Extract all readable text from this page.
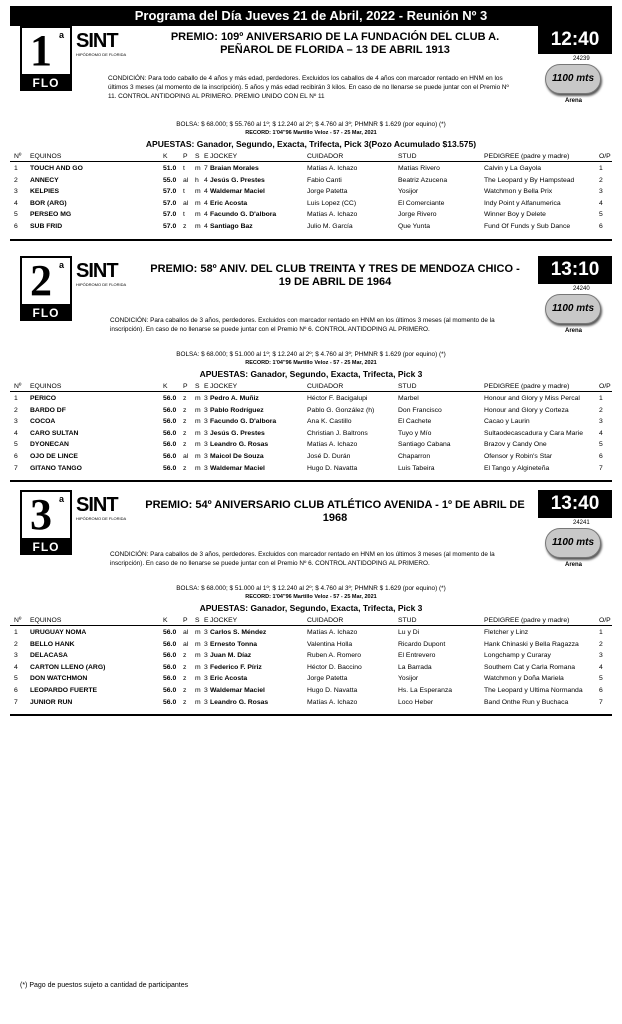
Programa del Día Jueves 21 de Abril, 2022 - Reunión Nº 3
1 a
FLO
SINT
HIPÓDROMO DE FLORIDA
PREMIO: 109º ANIVERSARIO DE LA FUNDACIÓN DEL CLUB A. PEÑAROL DE FLORIDA – 13 DE ABRIL 1913	12:40
24239
1100 mts
Arena
CONDICIÓN: Para todo caballo de 4 años y más edad, perdedores. Excluidos los caballos de 4 años con marcador rentado en HNM en los últimos 3 meses (al momento de la inscripción). 5 años y más edad recibirán 3 kilos. En caso de no llenarse se puede juntar con el Premio Nº 11. CONTROL ANTIDOPING AL PRIMERO. PREMIO UNIDO CON EL Nº 11
BOLSA: $ 68.000; $ 55.760 al 1º; $ 12.240 al 2º; $ 4.760 al 3º; PHMNR $ 1.629 (por equino) (*)
RECORD: 1'04"96 Martillo Veloz - 57 - 25 Mar, 2021
APUESTAS: Ganador, Segundo, Exacta, Trifecta, Pick 3(Pozo Acumulado $13.575)
Nº EQUINOS	K P S E JOCKEY	CUIDADOR	STUD	PEDIGREE (padre y madre)	O/P
1 TOUCH AND GO	51.0 t m 7 Braian Morales	Matías A. Ichazo	Matías Rivero	Calvin y La Gayola	1
2 ANNECY	55.0 al h 4 Jesús G. Prestes	Fabio Canti	Beatriz Azucena	The Leopard y By Hampstead	2
3 KELPIES	57.0 t m 4 Waldemar Maciel	Jorge Patetta	Yosijor	Watchmon y Bella Prix	3
4 BOR (ARG)	57.0 al m 4 Eric Acosta	Luis Lopez (CC)	El Comerciante	Indy Point y Alfanumerica	4
5 PERSEO MG	57.0 t m 4 Facundo G. D'albora	Matías A. Ichazo	Jorge Rivero	Winner Boy y Delete	5
6 SUB FRID	57.0 z m 4 Santiago Baz	Julio M. García	Que Yunta	Fund Of Funds y Sub Dance	6
2 a
FLO
SINT
HIPÓDROMO DE FLORIDA
PREMIO: 58º ANIV. DEL CLUB TREINTA Y TRES DE MENDOZA CHICO - 19 DE ABRIL DE 1964
13:10
24240
1100 mts
Arena
CONDICIÓN: Para caballos de 3 años, perdedores. Excluidos con marcador rentado en HNM en los últimos 3 meses (al momento de la inscripción). En caso de no llenarse se puede juntar con el Premio Nº 6. CONTROL ANTIDOPING AL PRIMERO.
BOLSA: $ 68.000; $ 51.000 al 1º; $ 12.240 al 2º; $ 4.760 al 3º; PHMNR $ 1.629 (por equino) (*)
RECORD: 1'04"96 Martillo Veloz - 57 - 25 Mar, 2021
APUESTAS: Ganador, Segundo, Exacta, Trifecta, Pick 3
Nº EQUINOS	K P S E JOCKEY	CUIDADOR	STUD	PEDIGREE (padre y madre)	O/P
1 PERICO	56.0 z m 3 Pedro A. Muñiz	Héctor F. Bacigalupi	Marbel	Honour and Glory y Miss Percal	1
2 BARDO DF	56.0 z m 3 Pablo Rodríguez	Pablo G. González (h)	Don Francisco	Honour and Glory y Corteza	2
3 COCOA	56.0 z m 3 Facundo G. D'albora	Ana K. Castillo	El Cachete	Cacao y Laurin	3
4 CARO SULTAN	56.0 z m 3 Jesús G. Prestes	Christian J. Baltrons	Tuyo y Mío	Sultaodecascadura y Cara Marie 4
5 DYONECAN	56.0 z m 3 Leandro G. Rosas	Matías A. Ichazo	Santiago Cabana	Brazov y Candy One	5
6 OJO DE LINCE	56.0 al m 3 Maicol De Souza	José D. Durán	Chaparron	Ofensor y Robin's Star	6
7 GITANO TANGO	56.0 z m 3 Waldemar Maciel	Hugo D. Navatta	Luis Tabeira	El Tango y Algineteña	7
3 a
FLO
SINT
HIPÓDROMO DE FLORIDA
PREMIO: 54º ANIVERSARIO CLUB ATLÉTICO AVENIDA - 1º DE ABRIL DE 1968
13:40
24241
1100 mts
Arena
CONDICIÓN: Para caballos de 3 años, perdedores. Excluidos con marcador rentado en HNM en los últimos 3 meses (al momento de la inscripción). En caso de no llenarse se puede juntar con el Premio Nº 6. CONTROL ANTIDOPING AL PRIMERO.
BOLSA: $ 68.000; $ 51.000 al 1º; $ 12.240 al 2º; $ 4.760 al 3º; PHMNR $ 1.629 (por equino) (*)
RECORD: 1'04"96 Martillo Veloz - 57 - 25 Mar, 2021
APUESTAS: Ganador, Segundo, Exacta, Trifecta, Pick 3
Nº EQUINOS	K P S E JOCKEY	CUIDADOR	STUD	PEDIGREE (padre y madre)	O/P
1 URUGUAY NOMA	56.0 al m 3 Carlos S. Méndez	Matías A. Ichazo	Lu y Di	Fletcher y Linz	1
2 BELLO HANK	56.0 al m 3 Ernesto Tonna	Valentina Holla	Ricardo Dupont	Hank Chinaski y Bella Ragazza	2
3 DELACASA	56.0 z m 3 Juan M. Díaz	Ruben A. Romero	El Entrevero	Longchamp y Curaray	3
4 CARTON LLENO (ARG)	56.0 z m 3 Federico F. Píriz	Héctor D. Baccino	La Barrada	Southern Cat y Carla Romana	4
5 DON WATCHMON	56.0 z m 3 Eric Acosta	Jorge Patetta	Yosijor	Watchmon y Doña Mariela	5
6 LEOPARDO FUERTE	56.0 z m 3 Waldemar Maciel	Hugo D. Navatta	Hs. La Esperanza	The Leopard y Ultima Normanda 6
7 JUNIOR RUN	56.0 z m 3 Leandro G. Rosas	Matías A. Ichazo	Loco Heber	Band Onthe Run y Buchaca	7
(*) Pago de puestos sujeto a cantidad de participantes
